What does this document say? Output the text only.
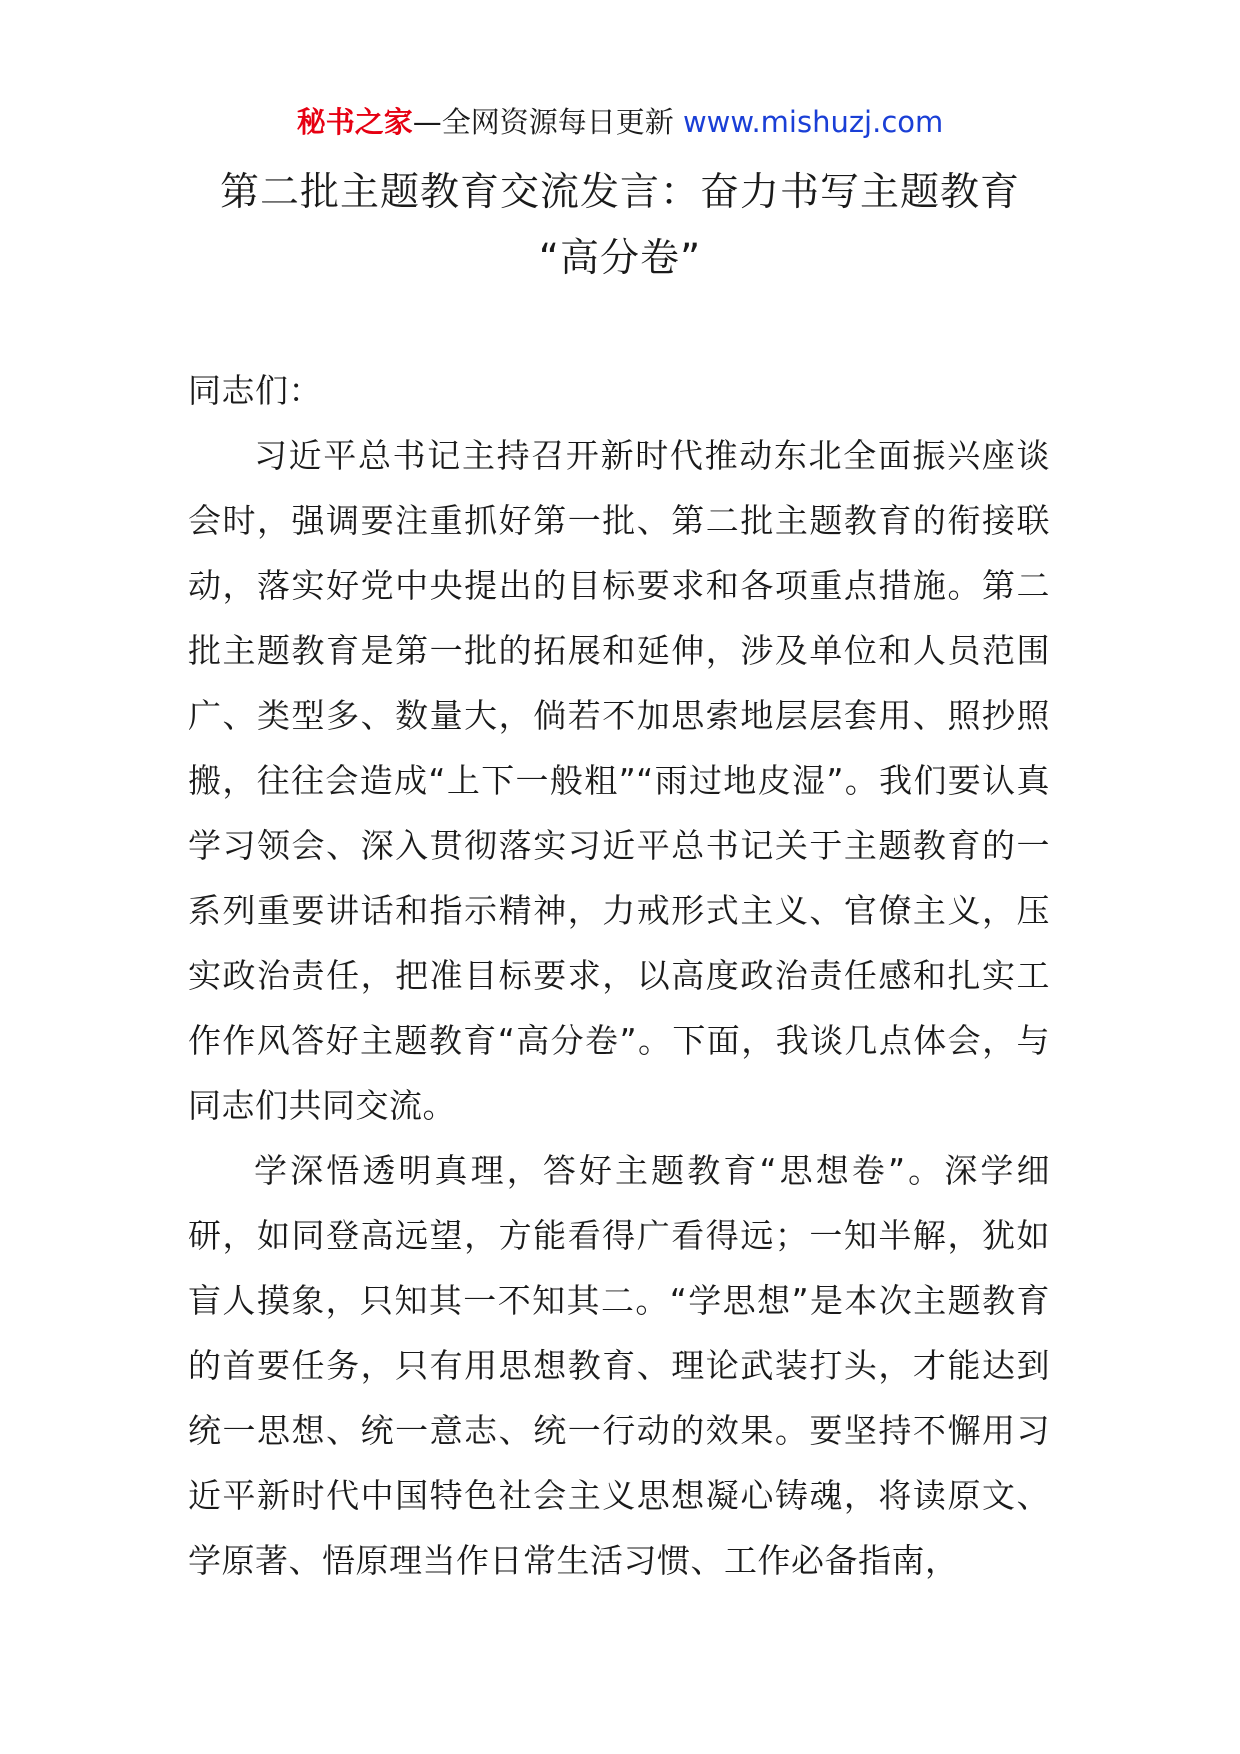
秘书之家—全网资源每日更新 www.mishuzj.com
第二批主题教育交流发言：奋力书写主题教育
“高分卷”

同志们：

习近平总书记主持召开新时代推动东北全面振兴座谈会时，强调要注重抓好第一批、第二批主题教育的衔接联动，落实好党中央提出的目标要求和各项重点措施。第二批主题教育是第一批的拓展和延伸，涉及单位和人员范围广、类型多、数量大，倘若不加思索地层层套用、照抄照搬，往往会造成“上下一般粗”“雨过地皮湿”。我们要认真学习领会、深入贯彻落实习近平总书记关于主题教育的一系列重要讲话和指示精神，力戒形式主义、官僚主义，压实政治责任，把准目标要求，以高度政治责任感和扎实工作作风答好主题教育“高分卷”。下面，我谈几点体会，与同志们共同交流。

学深悟透明真理，答好主题教育“思想卷”。深学细研，如同登高远望，方能看得广看得远；一知半解，犹如盲人摸象，只知其一不知其二。“学思想”是本次主题教育的首要任务，只有用思想教育、理论武装打头，才能达到统一思想、统一意志、统一行动的效果。要坚持不懈用习近平新时代中国特色社会主义思想凝心铸魂，将读原文、学原著、悟原理当作日常生活习惯、工作必备指南，
